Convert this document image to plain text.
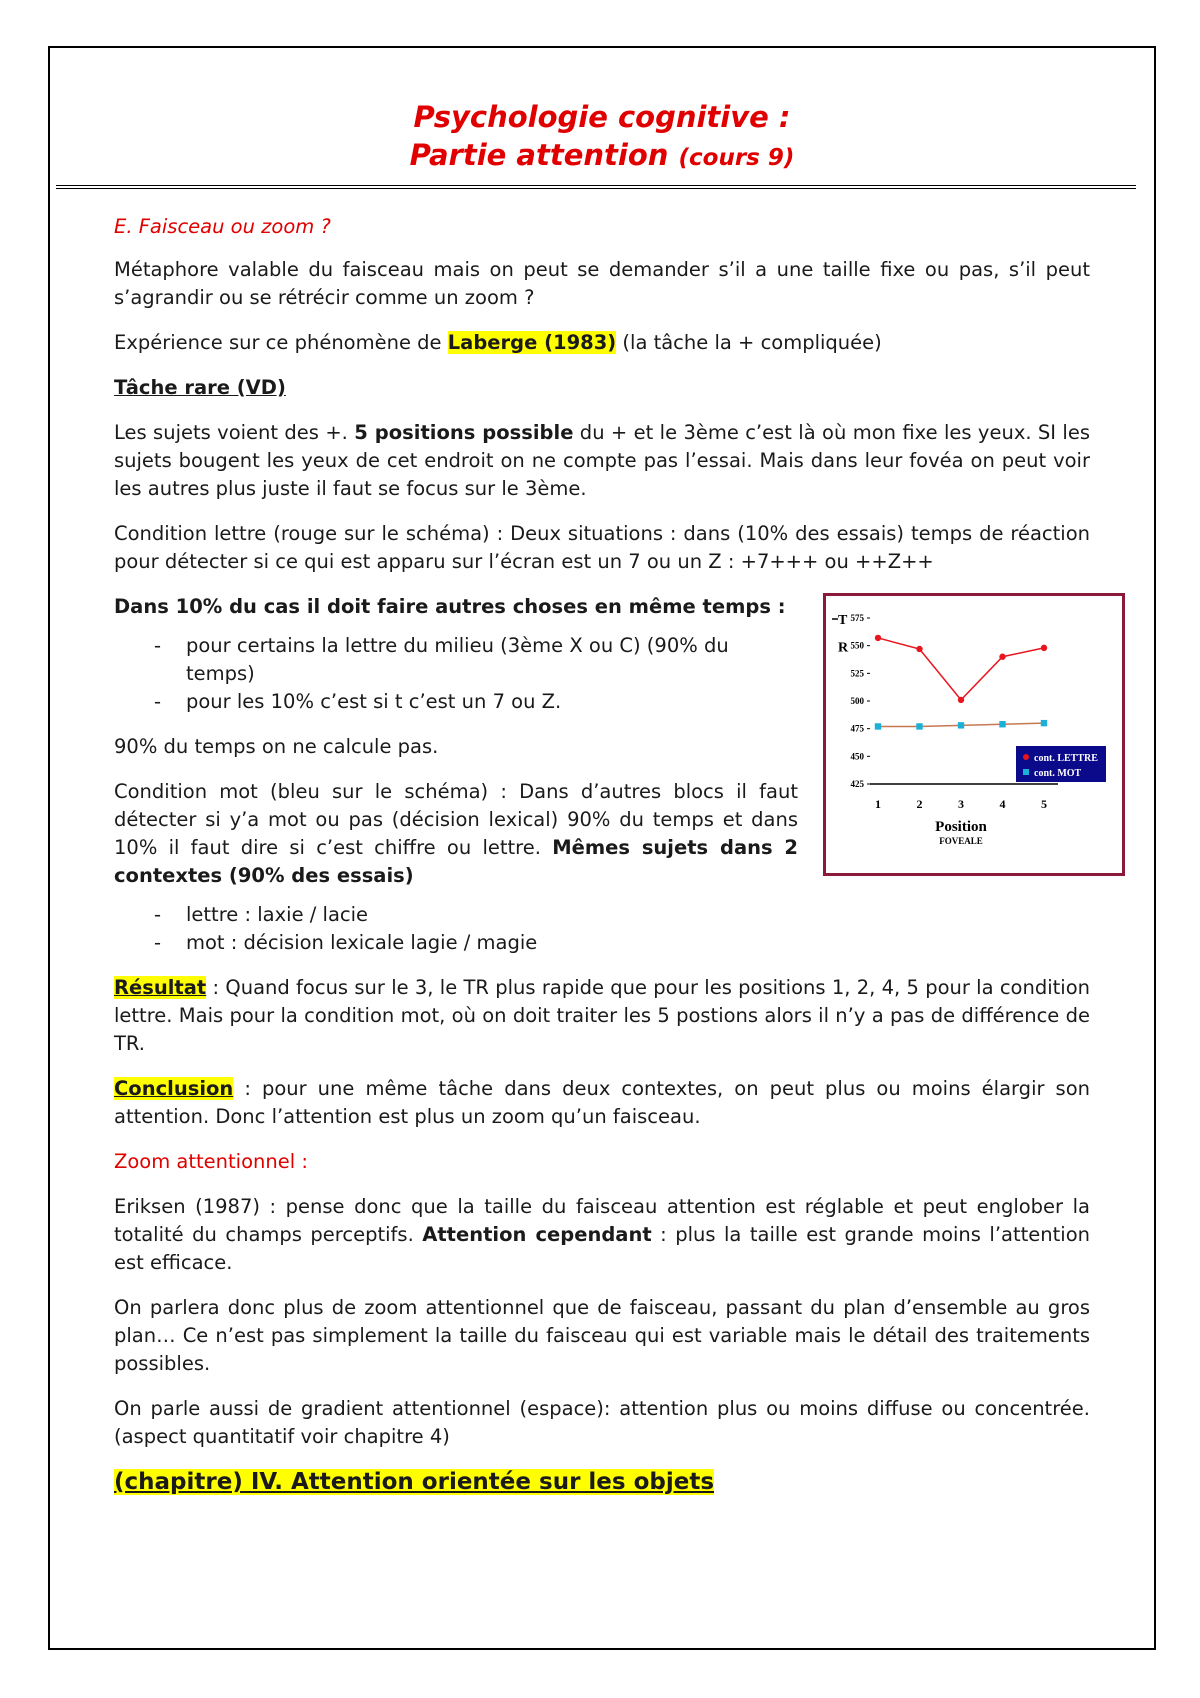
Psychologie cognitive :
Partie attention (cours 9)

E. Faisceau ou zoom ?

Métaphore valable du faisceau mais on peut se demander s’il a une taille fixe ou pas, s’il peut s’agrandir ou se rétrécir comme un zoom ?

Expérience sur ce phénomène de Laberge (1983) (la tâche la + compliquée)

Tâche rare (VD)

Les sujets voient des +. 5 positions possible du + et le 3ème c’est là où mon fixe les yeux. SI les sujets bougent les yeux de cet endroit on ne compte pas l’essai. Mais dans leur fovéa on peut voir les autres plus juste il faut se focus sur le 3ème.

Condition lettre (rouge sur le schéma) : Deux situations : dans (10% des essais) temps de réaction pour détecter si ce qui est apparu sur l’écran est un 7 ou un Z : +7+++ ou ++Z++

Dans 10% du cas il doit faire autres choses en même temps :

- pour certains la lettre du milieu (3ème X ou C) (90% du temps)
- pour les 10% c’est si t c’est un 7 ou Z.

90% du temps on ne calcule pas.

Condition mot (bleu sur le schéma) : Dans d’autres blocs il faut détecter si y’a mot ou pas (décision lexical) 90% du temps et dans 10% il faut dire si c’est chiffre ou lettre. Mêmes sujets dans 2 contextes (90% des essais)

425
450
475
500
525
550
575
T
R
1	2	3	4	5
Position
FOVEALE
cont. LETTRE
cont. MOT
- lettre : laxie / lacie
- mot : décision lexicale lagie / magie

Résultat : Quand focus sur le 3, le TR plus rapide que pour les positions 1, 2, 4, 5 pour la condition lettre. Mais pour la condition mot, où on doit traiter les 5 postions alors il n’y a pas de différence de TR.

Conclusion : pour une même tâche dans deux contextes, on peut plus ou moins élargir son attention. Donc l’attention est plus un zoom qu’un faisceau.

Zoom attentionnel :

Eriksen (1987) : pense donc que la taille du faisceau attention est réglable et peut englober la totalité du champs perceptifs. Attention cependant : plus la taille est grande moins l’attention est efficace.

On parlera donc plus de zoom attentionnel que de faisceau, passant du plan d’ensemble au gros plan… Ce n’est pas simplement la taille du faisceau qui est variable mais le détail des traitements possibles.

On parle aussi de gradient attentionnel (espace): attention plus ou moins diffuse ou concentrée. (aspect quantitatif voir chapitre 4)

(chapitre) IV. Attention orientée sur les objets
